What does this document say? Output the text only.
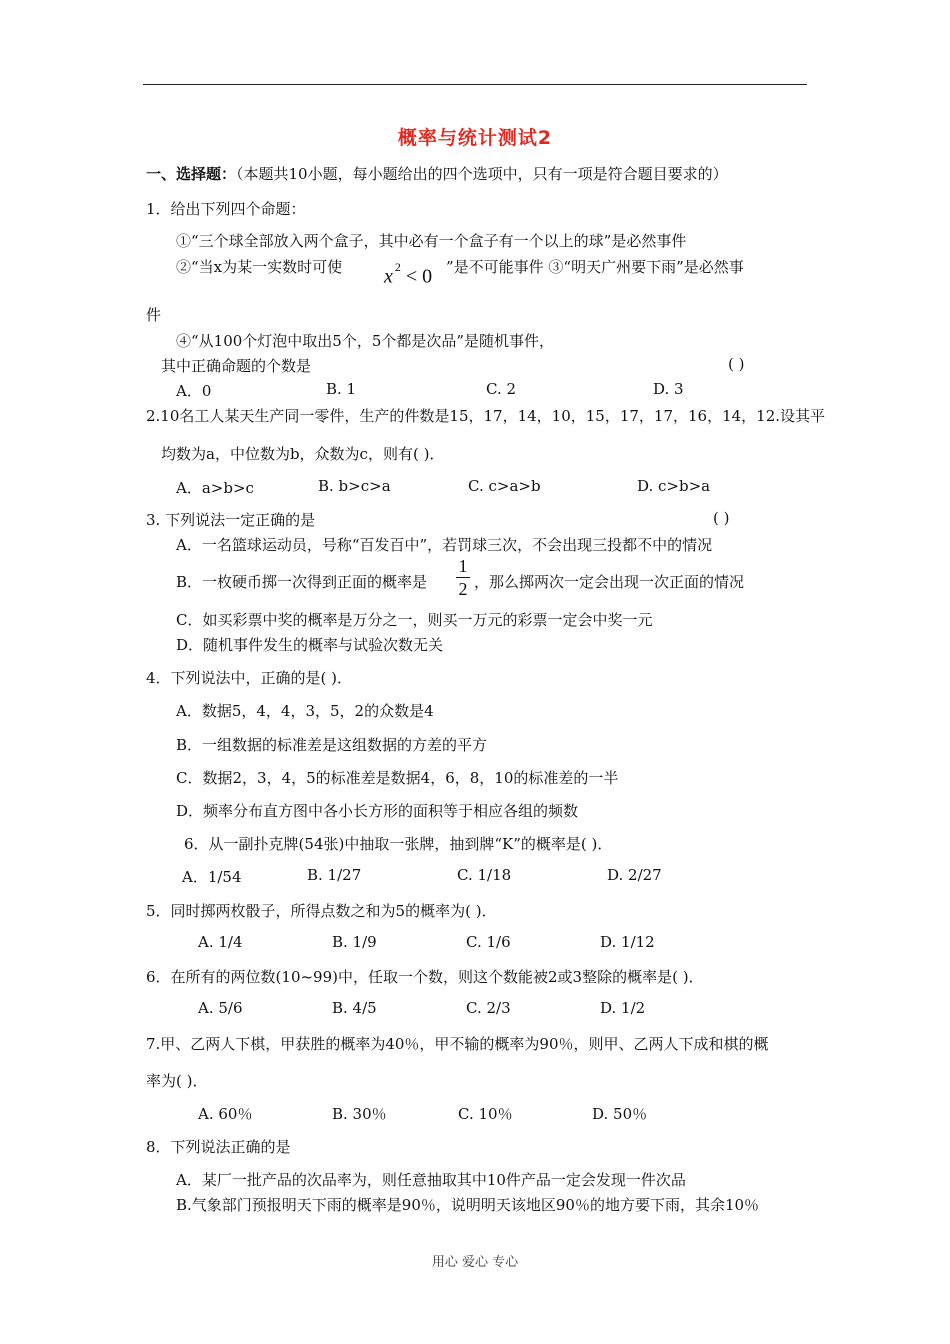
概率与统计测试2
一、选择题：（本题共10小题，每小题给出的四个选项中，只有一项是符合题目要求的）
1．给出下列四个命题：
①“三个球全部放入两个盒子，其中必有一个盒子有一个以上的球”是必然事件
②“当x为某一实数时可使 x $^2$ < 0 ”是不可能事件 ③“明天广州要下雨”是必然事
件
④“从100个灯泡中取出5个，5个都是次品”是随机事件，
其中正确命题的个数是	( )
A．0	B. 1	C. 2	D. 3
2.10名工人某天生产同一零件，生产的件数是15，17，14，10，15，17，17，16，14，12.设其平
均数为a，中位数为b，众数为c，则有( )．
A．a>b>c	B. b>c>a	C. c>a>b	D. c>b>a
3. 下列说法一定正确的是	( )
A．一名篮球运动员，号称“百发百中”，若罚球三次，不会出现三投都不中的情况
B．一枚硬币掷一次得到正面的概率是
1
2 ，那么掷两次一定会出现一次正面的情况
C．如买彩票中奖的概率是万分之一，则买一万元的彩票一定会中奖一元
D．随机事件发生的概率与试验次数无关
4．下列说法中，正确的是( )．
A．数据5，4，4，3，5，2的众数是4
B．一组数据的标准差是这组数据的方差的平方
C．数据2，3，4，5的标准差是数据4，6，8，10的标准差的一半
D．频率分布直方图中各小长方形的面积等于相应各组的频数
6．从一副扑克牌(54张)中抽取一张牌，抽到牌“K”的概率是( )．
A．1/54	B. 1/27	C. 1/18	D. 2/27
5．同时掷两枚骰子，所得点数之和为5的概率为( )．
A. 1/4	B. 1/9	C. 1/6	D. 1/12
6．在所有的两位数(10~99)中，任取一个数，则这个数能被2或3整除的概率是( )．
A. 5/6	B. 4/5	C. 2/3	D. 1/2
7.甲、乙两人下棋，甲获胜的概率为40％，甲不输的概率为90％，则甲、乙两人下成和棋的概
率为( )．
A. 60％	B. 30％	C. 10％	D. 50％
8．下列说法正确的是
A．某厂一批产品的次品率为，则任意抽取其中10件产品一定会发现一件次品
B.气象部门预报明天下雨的概率是90％，说明明天该地区90％的地方要下雨，其余10％
用心 爱心 专心
